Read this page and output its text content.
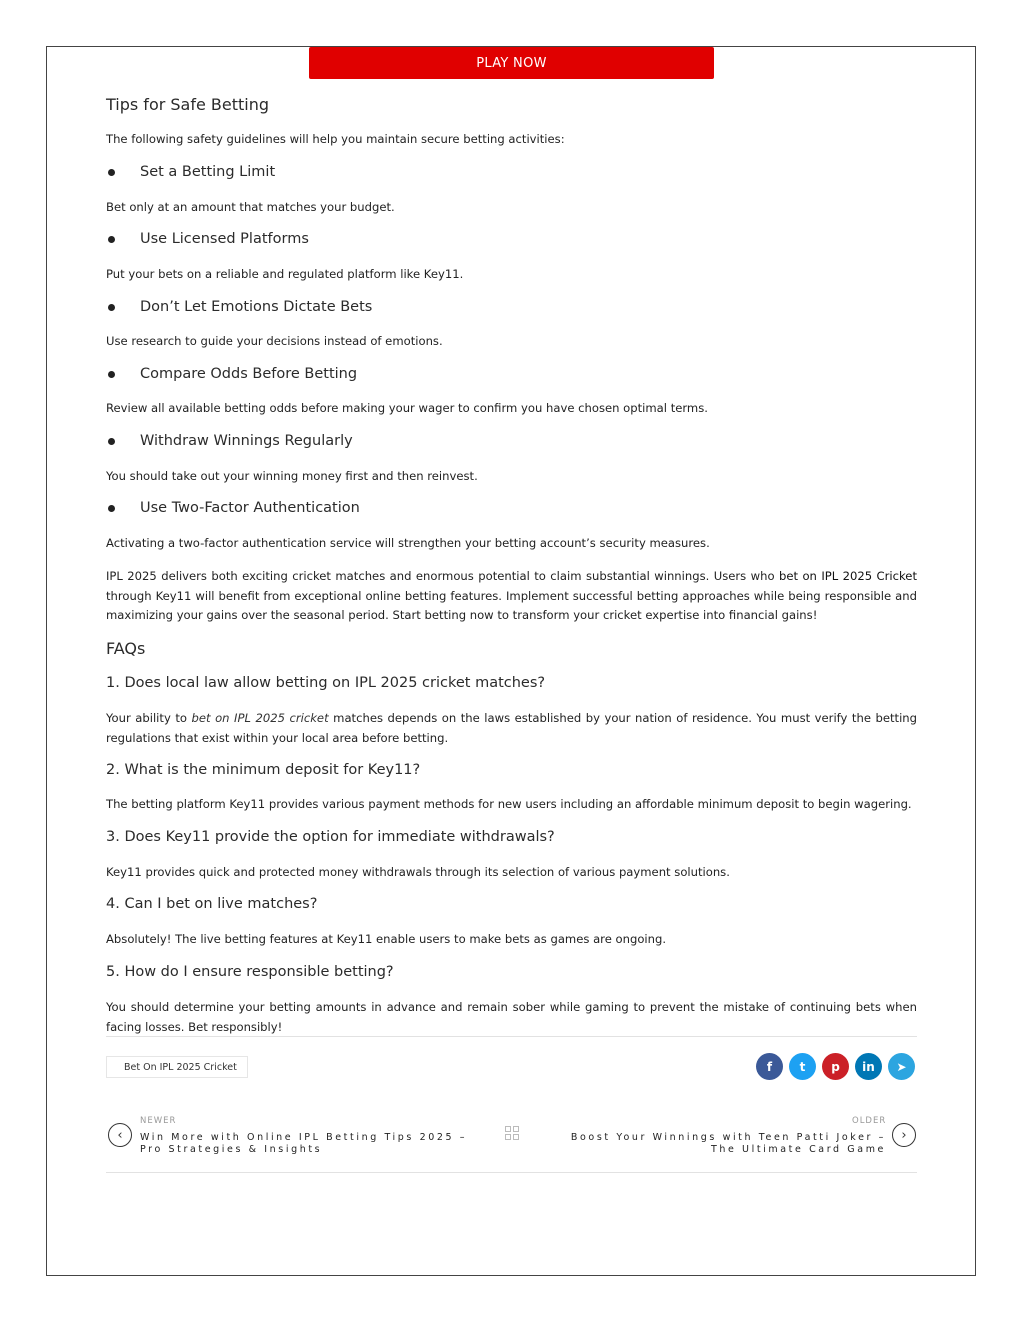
PLAY NOW
Tips for Safe Betting

The following safety guidelines will help you maintain secure betting activities:

Set a Betting Limit

Bet only at an amount that matches your budget.

Use Licensed Platforms

Put your bets on a reliable and regulated platform like Key11.

Don’t Let Emotions Dictate Bets

Use research to guide your decisions instead of emotions.

Compare Odds Before Betting

Review all available betting odds before making your wager to confirm you have chosen optimal terms.

Withdraw Winnings Regularly

You should take out your winning money first and then reinvest.

Use Two-Factor Authentication

Activating a two-factor authentication service will strengthen your betting account’s security measures.

IPL 2025 delivers both exciting cricket matches and enormous potential to claim substantial winnings. Users who bet on IPL 2025 Cricket through Key11 will benefit from exceptional online betting features. Implement successful betting approaches while being responsible and maximizing your gains over the seasonal period. Start betting now to transform your cricket expertise into financial gains!

FAQs
1. Does local law allow betting on IPL 2025 cricket matches?

Your ability to bet on IPL 2025 cricket matches depends on the laws established by your nation of residence. You must verify the betting regulations that exist within your local area before betting.

2. What is the minimum deposit for Key11?

The betting platform Key11 provides various payment methods for new users including an affordable minimum deposit to begin wagering.

3. Does Key11 provide the option for immediate withdrawals?

Key11 provides quick and protected money withdrawals through its selection of various payment solutions.

4. Can I bet on live matches?

Absolutely! The live betting features at Key11 enable users to make bets as games are ongoing.

5. How do I ensure responsible betting?

You should determine your betting amounts in advance and remain sober while gaming to prevent the mistake of continuing bets when facing losses. Bet responsibly!

Bet On IPL 2025 Cricket	f	t	p	in	➤
‹
NEWER
Win More with Online IPL Betting Tips 2025 – Pro Strategies & Insights
OLDER
Boost Your Winnings with Teen Patti Joker – The Ultimate Card Game
›
